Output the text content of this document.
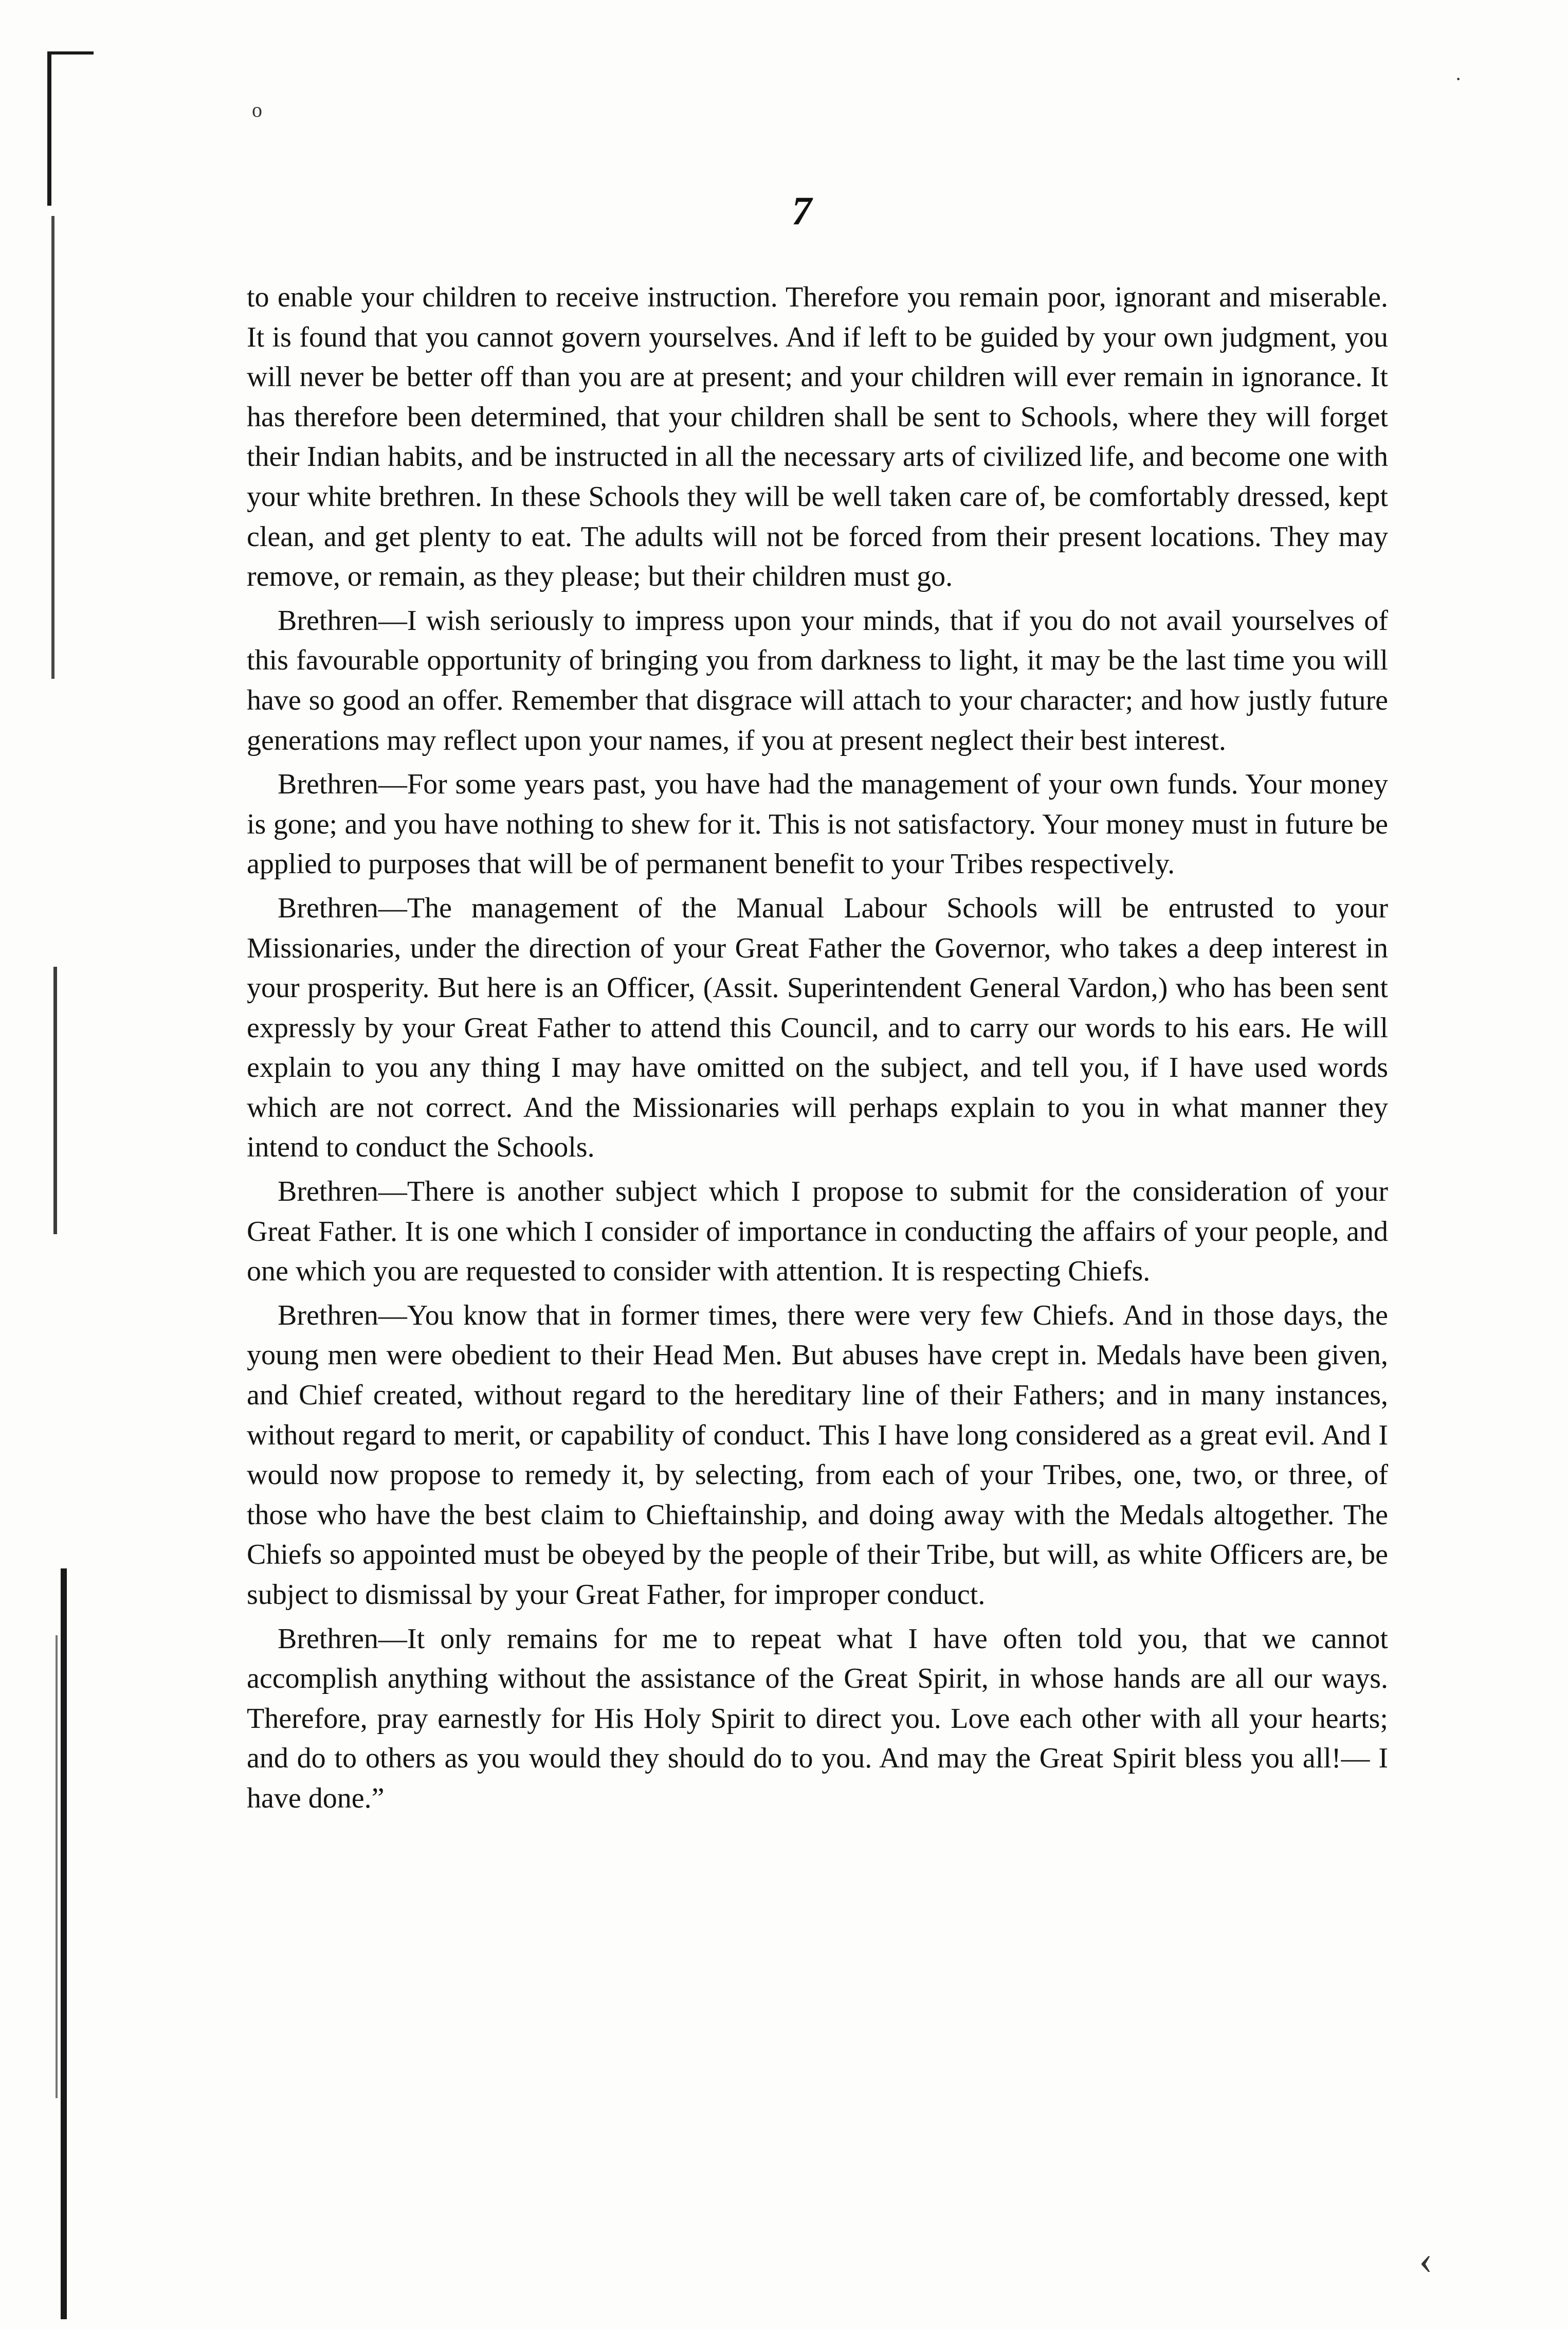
o
·
‹
7

to enable your children to receive instruction. Therefore you remain poor, ignorant and miserable. It is found that you cannot govern yourselves. And if left to be guided by your own judgment, you will never be better off than you are at present; and your children will ever remain in ignorance. It has therefore been determined, that your children shall be sent to Schools, where they will forget their Indian habits, and be instructed in all the necessary arts of civilized life, and become one with your white brethren. In these Schools they will be well taken care of, be comfortably dressed, kept clean, and get plenty to eat. The adults will not be forced from their present locations. They may remove, or remain, as they please; but their children must go.

Brethren—I wish seriously to impress upon your minds, that if you do not avail yourselves of this favourable opportunity of bringing you from darkness to light, it may be the last time you will have so good an offer. Remember that disgrace will attach to your character; and how justly future generations may reflect upon your names, if you at present neglect their best interest.

Brethren—For some years past, you have had the management of your own funds. Your money is gone; and you have nothing to shew for it. This is not satisfactory. Your money must in future be applied to purposes that will be of permanent benefit to your Tribes respectively.

Brethren—The management of the Manual Labour Schools will be entrusted to your Missionaries, under the direction of your Great Father the Governor, who takes a deep interest in your prosperity. But here is an Officer, (Assit. Superintendent General Vardon,) who has been sent expressly by your Great Father to attend this Council, and to carry our words to his ears. He will explain to you any thing I may have omitted on the subject, and tell you, if I have used words which are not correct. And the Missionaries will perhaps explain to you in what manner they intend to conduct the Schools.

Brethren—There is another subject which I propose to submit for the consideration of your Great Father. It is one which I consider of importance in conducting the affairs of your people, and one which you are requested to consider with attention. It is respecting Chiefs.

Brethren—You know that in former times, there were very few Chiefs. And in those days, the young men were obedient to their Head Men. But abuses have crept in. Medals have been given, and Chief created, without regard to the hereditary line of their Fathers; and in many instances, without regard to merit, or capability of conduct. This I have long considered as a great evil. And I would now propose to remedy it, by selecting, from each of your Tribes, one, two, or three, of those who have the best claim to Chieftainship, and doing away with the Medals altogether. The Chiefs so appointed must be obeyed by the people of their Tribe, but will, as white Officers are, be subject to dismissal by your Great Father, for improper conduct.

Brethren—It only remains for me to repeat what I have often told you, that we cannot accomplish anything without the assistance of the Great Spirit, in whose hands are all our ways. Therefore, pray earnestly for His Holy Spirit to direct you. Love each other with all your hearts; and do to others as you would they should do to you. And may the Great Spirit bless you all!— I have done.”
